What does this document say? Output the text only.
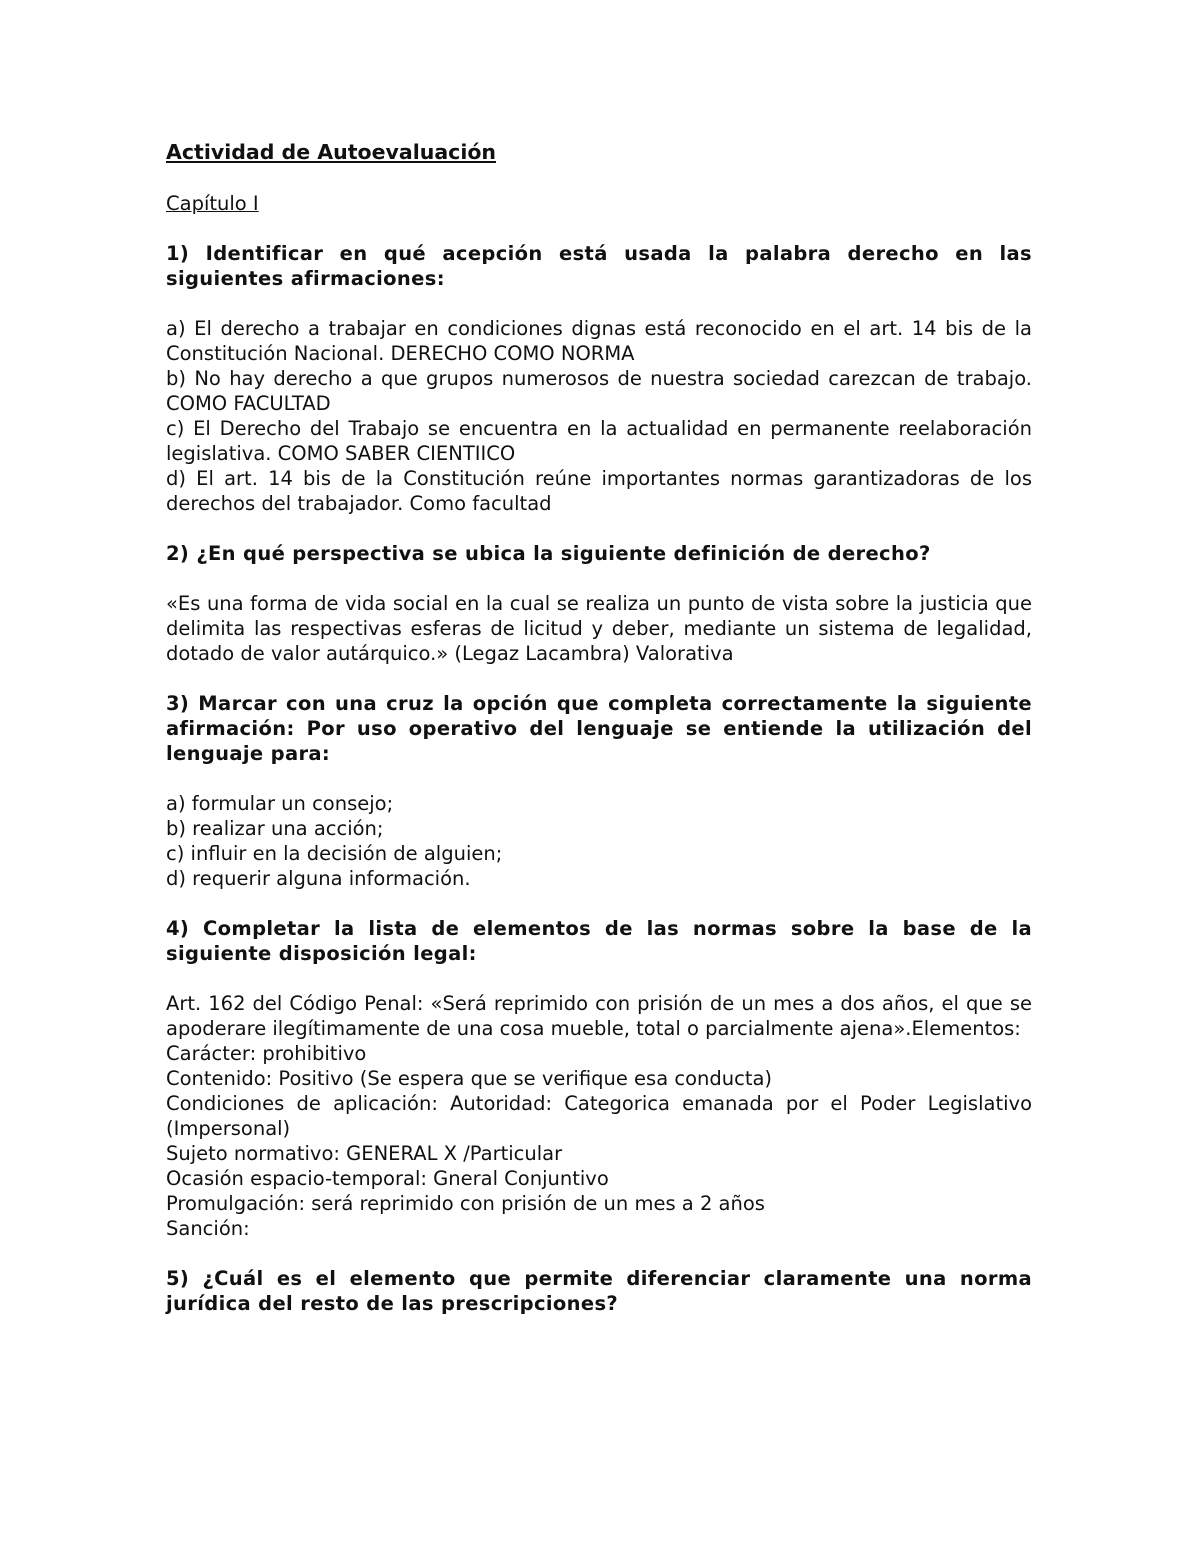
Actividad de Autoevaluación
Capítulo I
1) Identificar en qué acepción está usada la palabra derecho en las siguientes afirmaciones:
a) El derecho a trabajar en condiciones dignas está reconocido en el art. 14 bis de la Constitución Nacional. DERECHO COMO NORMA
b) No hay derecho a que grupos numerosos de nuestra sociedad carezcan de trabajo. COMO FACULTAD
c) El Derecho del Trabajo se encuentra en la actualidad en permanente reelaboración legislativa. COMO SABER CIENTIICO
d) El art. 14 bis de la Constitución reúne importantes normas garantizadoras de los derechos del trabajador. Como facultad
2) ¿En qué perspectiva se ubica la siguiente definición de derecho?
«Es una forma de vida social en la cual se realiza un punto de vista sobre la justicia que delimita las respectivas esferas de licitud y deber, mediante un sistema de legalidad, dotado de valor autárquico.» (Legaz Lacambra) Valorativa
3) Marcar con una cruz la opción que completa correctamente la siguiente afirmación: Por uso operativo del lenguaje se entiende la utilización del lenguaje para:
a) formular un consejo;
b) realizar una acción;
c) influir en la decisión de alguien;
d) requerir alguna información.
4) Completar la lista de elementos de las normas sobre la base de la siguiente disposición legal:
Art. 162 del Código Penal: «Será reprimido con prisión de un mes a dos años, el que se apoderare ilegítimamente de una cosa mueble, total o parcialmente ajena».Elementos:
Carácter: prohibitivo
Contenido: Positivo (Se espera que se verifique esa conducta)
Condiciones de aplicación: Autoridad: Categorica emanada por el Poder Legislativo (Impersonal)
Sujeto normativo: GENERAL X /Particular
Ocasión espacio-temporal: Gneral Conjuntivo
Promulgación: será reprimido con prisión de un mes a 2 años
Sanción:
5) ¿Cuál es el elemento que permite diferenciar claramente una norma jurídica del resto de las prescripciones?
